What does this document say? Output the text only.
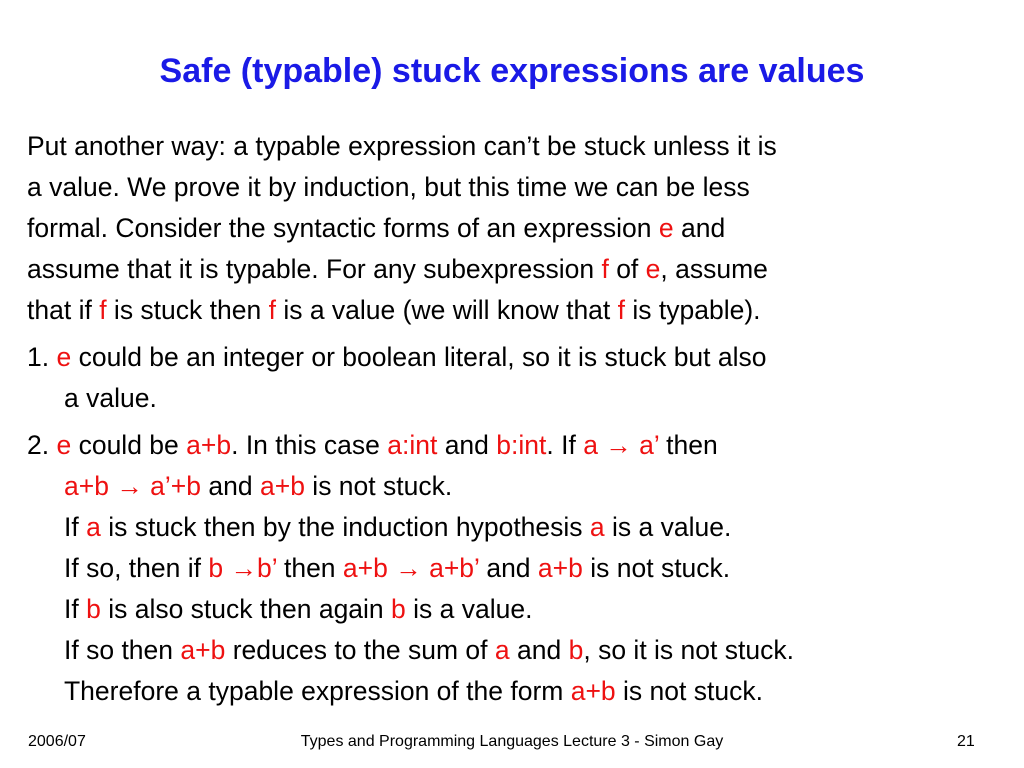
Safe (typable) stuck expressions are values
Put another way: a typable expression can’t be stuck unless it is
a value. We prove it by induction, but this time we can be less
formal. Consider the syntactic forms of an expression e and
assume that it is typable. For any subexpression f of e, assume
that if f is stuck then f is a value (we will know that f is typable).
1. e could be an integer or boolean literal, so it is stuck but also
a value.
2. e could be a+b. In this case a:int and b:int. If a → a’ then
a+b → a’+b and a+b is not stuck.
If a is stuck then by the induction hypothesis a is a value.
If so, then if b →b’ then a+b → a+b’ and a+b is not stuck.
If b is also stuck then again b is a value.
If so then a+b reduces to the sum of a and b, so it is not stuck.
Therefore a typable expression of the form a+b is not stuck.
2006/07	Types and Programming Languages Lecture 3 - Simon Gay	21
